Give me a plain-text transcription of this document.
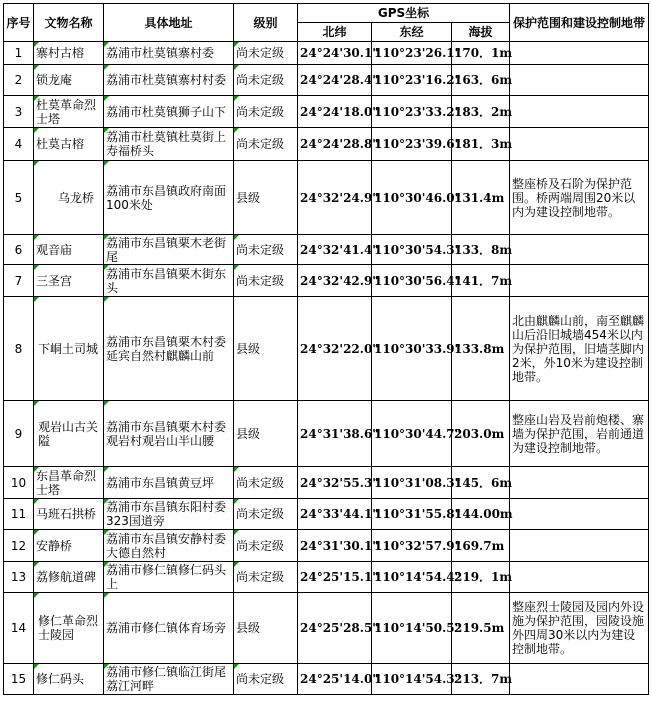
序号	文物名称	具体地址	级别	GPS坐标			保护范围和建设控制地带
				北纬	东经	海拔	
1	寨村古榕	荔浦市杜莫镇寨村委	尚未定级	24°24'30.1"	110°23'26.1"	170．1m	
2	锁龙庵	荔浦市杜莫镇寨村村委	尚未定级	24°24'28.4"	110°23'16.2"	163．6m	
3	杜莫革命烈士塔	荔浦市杜莫镇狮子山下	尚未定级	24°24'18.0"	110°23'33.2"	183．2m	
4	杜莫古榕	荔浦市杜莫镇杜莫街上寿福桥头	尚未定级	24°24'28.8"	110°23'39.6"	181．3m	
5	乌龙桥	荔浦市东昌镇政府南面100米处	县级	24°32'24.9"	110°30'46.0"	131.4m	整座桥及石阶为保护范围。桥两端周围20米以内为建设控制地带。
6	观音庙	荔浦市东昌镇栗木老街尾	尚未定级	24°32'41.4"	110°30'54.3"	133．8m	
7	三圣宫	荔浦市东昌镇栗木街东头	尚未定级	24°32'42.9"	110°30'56.4"	141．7m	
8	下峒土司城	荔浦市东昌镇栗木村委延宾自然村麒麟山前	县级	24°32'22.0"	110°30'33.9"	133.8m	北由麒麟山前，南至麒麟山后沿旧城墙454米以内为保护范围，旧墙茎脚内2米，外10米为建设控制地带。
9	观岩山古关隘	荔浦市东昌镇栗木村委观岩村观岩山半山腰	县级	24°31'38.6"	110°30'44.7"	203.0m	整座山岩及岩前炮楼、寨墙为保护范围，岩前通道为建设控制地带。
10	东昌革命烈士塔	荔浦市东昌镇黄豆坪	尚未定级	24°32'55.3"	110°31'08.3"	145．6m	
11	马班石拱桥	荔浦市东昌镇东阳村委323国道旁	尚未定级	24°33'44.1"	110°31'55.8"	144.00m	
12	安静桥	荔浦市东昌镇安静村委大德自然村	尚未定级	24°31'30.1"	110°32'57.9"	169.7m	
13	荔修航道碑	荔浦市修仁镇修仁码头上	尚未定级	24°25'15.1"	110°14'54.4"	219．1m	
14	修仁革命烈士陵园	荔浦市修仁镇体育场旁	县级	24°25'28.5"	110°14'50.5"	219.5m	整座烈士陵园及园内外设施为保护范围，园陵设施外四周30米以内为建设控制地带。
15	修仁码头	荔浦市修仁镇临江街尾荔江河畔	尚未定级	24°25'14.0"	110°14'54.3"	213．7m	
